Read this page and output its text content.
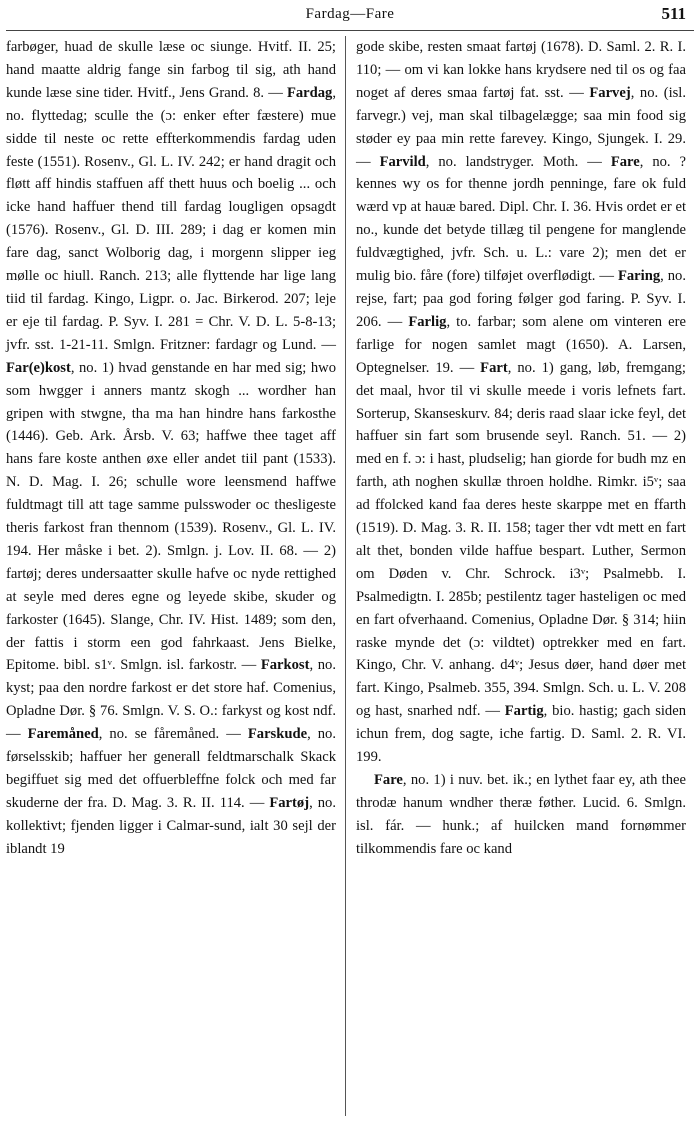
Fardag—Fare	511

farbøger, huad de skulle læse oc siunge. Hvitf. II. 25; hand maatte aldrig fange sin farbog til sig, ath hand kunde læse sine tider. Hvitf., Jens Grand. 8. — Fardag, no. flyttedag; sculle the (ɔ: enker efter fæstere) mue sidde til neste oc rette effterkommendis fardag uden feste (1551). Rosenv., Gl. L. IV. 242; er hand dragit och fløtt aff hindis staffuen aff thett huus och boelig ... och icke hand haffuer thend till fardag lougligen opsagdt (1576). Rosenv., Gl. D. III. 289; i dag er komen min fare dag, sanct Wolborig dag, i morgenn slipper ieg mølle oc hiull. Ranch. 213; alle flyttende har lige lang tiid til fardag. Kingo, Ligpr. o. Jac. Birkerod. 207; leje er eje til fardag. P. Syv. I. 281 = Chr. V. D. L. 5-8-13; jvfr. sst. 1-21-11. Smlgn. Fritzner: fardagr og Lund. — Far(e)kost, no. 1) hvad genstande en har med sig; hwo som hwgger i anners mantz skogh ... wordher han gripen with stwgne, tha ma han hindre hans farkosthe (1446). Geb. Ark. Årsb. V. 63; haffwe thee taget aff hans fare koste anthen øxe eller andet tiil pant (1533). N. D. Mag. I. 26; schulle wore leensmend haffwe fuldtmagt till att tage samme pulsswoder oc thesligeste theris farkost fran thennom (1539). Rosenv., Gl. L. IV. 194. Her måske i bet. 2). Smlgn. j. Lov. II. 68. — 2) fartøj; deres undersaatter skulle hafve oc nyde rettighed at seyle med deres egne og leyede skibe, skuder og farkoster (1645). Slange, Chr. IV. Hist. 1489; som den, der fattis i storm een god fahrkaast. Jens Bielke, Epitome. bibl. s1ᵛ. Smlgn. isl. farkostr. — Farkost, no. kyst; paa den nordre farkost er det store haf. Comenius, Opladne Dør. § 76. Smlgn. V. S. O.: farkyst og kost ndf. — Faremåned, no. se fåremåned. — Farskude, no. førselsskib; haffuer her generall feldtmarschalk Skack begiffuet sig med det offuerbleffne folck och med far skuderne der fra. D. Mag. 3. R. II. 114. — Fartøj, no. kollektivt; fjenden ligger i Calmar-sund, ialt 30 sejl der iblandt 19

gode skibe, resten smaat fartøj (1678). D. Saml. 2. R. I. 110; — om vi kan lokke hans krydsere ned til os og faa noget af deres smaa fartøj fat. sst. — Farvej, no. (isl. farvegr.) vej, man skal tilbagelægge; saa min food sig støder ey paa min rette farevey. Kingo, Sjungek. I. 29. — Farvild, no. landstryger. Moth. — Fare, no. ? kennes wy os for thenne jordh penninge, fare ok fuld wærd vp at hauæ bared. Dipl. Chr. I. 36. Hvis ordet er et no., kunde det betyde tillæg til pengene for manglende fuldvægtighed, jvfr. Sch. u. L.: vare 2); men det er mulig bio. fåre (fore) tilføjet overflødigt. — Faring, no. rejse, fart; paa god foring følger god faring. P. Syv. I. 206. — Farlig, to. farbar; som alene om vinteren ere farlige for nogen samlet magt (1650). A. Larsen, Optegnelser. 19. — Fart, no. 1) gang, løb, fremgang; det maal, hvor til vi skulle meede i voris lefnets fart. Sorterup, Skanseskurv. 84; deris raad slaar icke feyl, det haffuer sin fart som brusende seyl. Ranch. 51. — 2) med en f. ɔ: i hast, pludselig; han giorde for budh mz en farth, ath noghen skullæ throen holdhe. Rimkr. i5ᵛ; saa ad ffolcked kand faa deres heste skarppe met en ffarth (1519). D. Mag. 3. R. II. 158; tager ther vdt mett en fart alt thet, bonden vilde haffue bespart. Luther, Sermon om Døden v. Chr. Schrock. i3ᵛ; Psalmebb. I. Psalmedigtn. I. 285b; pestilentz tager hasteligen oc med en fart ofverhaand. Comenius, Opladne Dør. § 314; hiin raske mynde det (ɔ: vildtet) optrekker med en fart. Kingo, Chr. V. anhang. d4ᵛ; Jesus døer, hand døer met fart. Kingo, Psalmeb. 355, 394. Smlgn. Sch. u. L. V. 208 og hast, snarhed ndf. — Fartig, bio. hastig; gach siden ichun frem, dog sagte, iche fartig. D. Saml. 2. R. VI. 199.

Fare, no. 1) i nuv. bet. ik.; en lythet faar ey, ath thee throdæ hanum wndher theræ føther. Lucid. 6. Smlgn. isl. fár. — hunk.; af huilcken mand fornømmer tilkommendis fare oc kand
